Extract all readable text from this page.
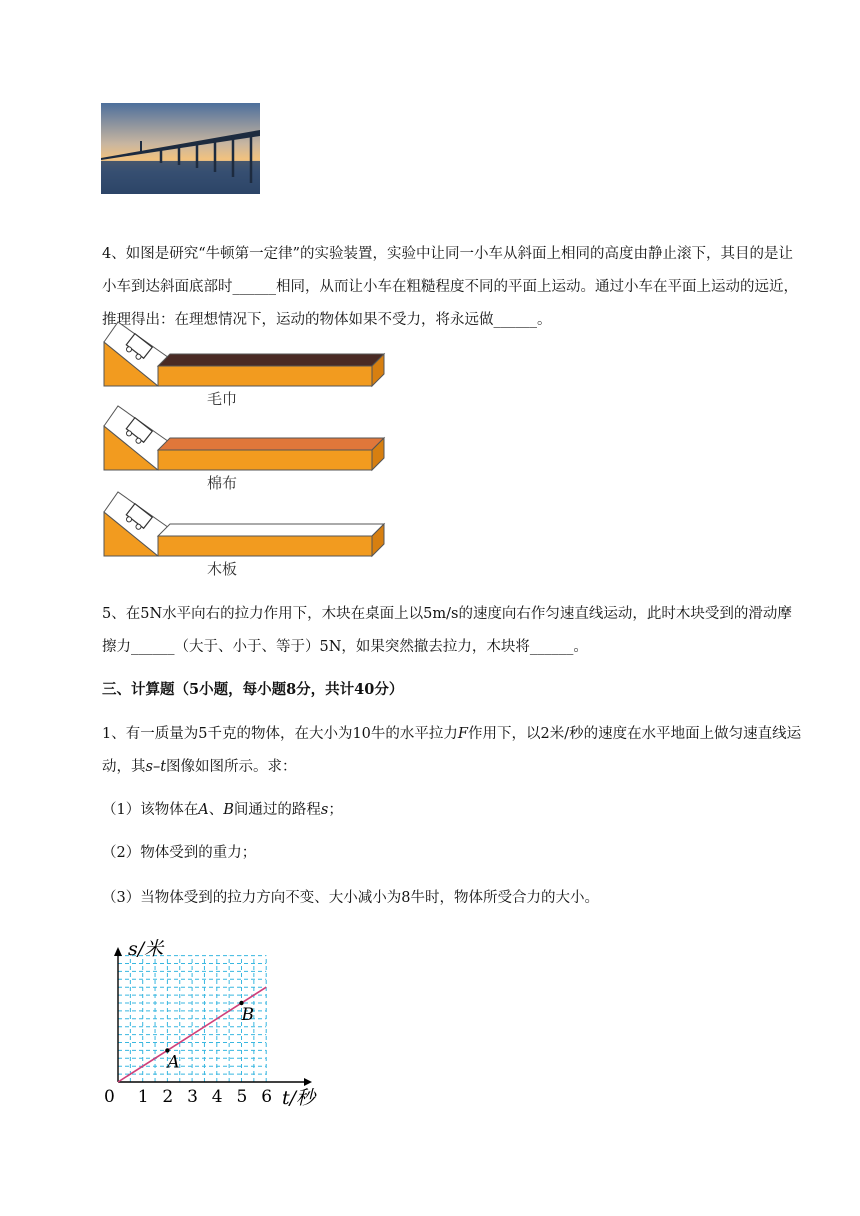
4、如图是研究“牛顿第一定律”的实验装置，实验中让同一小车从斜面上相同的高度由静止滚下，其目的是让小车到达斜面底部时______相同，从而让小车在粗糙程度不同的平面上运动。通过小车在平面上运动的远近，推理得出：在理想情况下，运动的物体如果不受力，将永远做______。

毛巾
棉布
木板

5、在5N水平向右的拉力作用下，木块在桌面上以5m/s的速度向右作匀速直线运动，此时木块受到的滑动摩擦力______（大于、小于、等于）5N，如果突然撤去拉力，木块将______。

三、计算题（5小题，每小题8分，共计40分）

1、有一质量为5千克的物体，在大小为10牛的水平拉力F作用下，以2米/秒的速度在水平地面上做匀速直线运动，其s–t图像如图所示。求：

（1）该物体在A、B间通过的路程s；

（2）物体受到的重力；

（3）当物体受到的拉力方向不变、大小减小为8牛时，物体所受合力的大小。

A
B
s/米
t/秒
0 1 2 3 4 5 6
